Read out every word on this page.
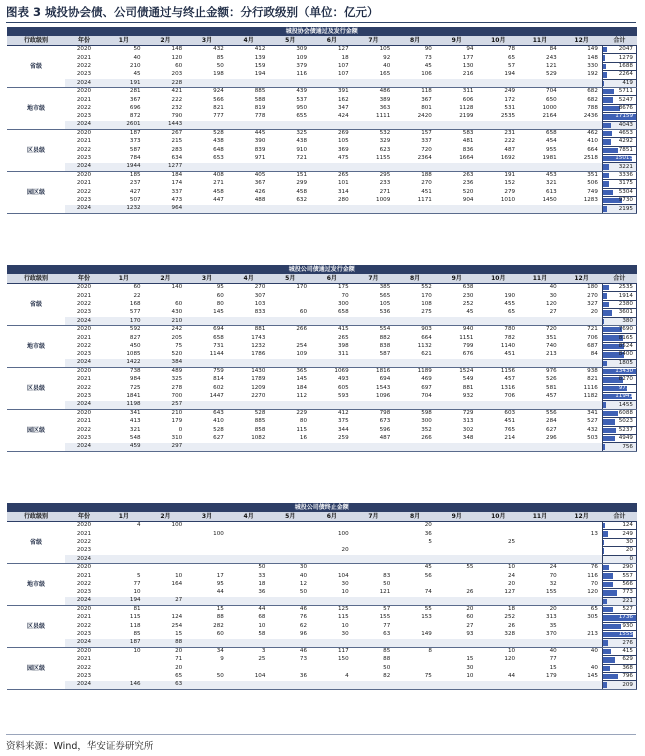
图表 3 城投协会债、公司债通过与终止金额：分行政级别（单位：亿元）
城投协会债通过及发行金额														
行政级别	年份	1月	2月	3月	4月	5月	6月	7月	8月	9月	10月	11月	12月	合计
省级	2020	50	148	432	412	309	127	105	90	94	78	84	149	2047
	2021	40	120	85	139	109	18	92	73	177	65	243	148	1279
	2022	210	60	50	159	379	107	40	45	130	57	121	330	1688
	2023	45	203	198	194	116	107	165	106	216	194	529	192	2264
	2024	191	228											419
地市级	2020	281	421	924	885	439	391	486	118	311	249	704	682	5711
	2021	367	222	566	588	537	162	389	367	606	172	650	682	5247
	2022	696	232	821	819	950	347	363	801	1128	531	1000	788	8676
	2023	872	790	777	778	655	424	1111	2420	2199	2535	2164	2436	17159
	2024	2601	1443											4043
区县级	2020	187	267	528	445	325	269	532	157	583	231	658	462	4653
	2021	373	215	438	390	438	105	329	337	481	222	454	410	4292
	2022	587	283	648	839	910	369	623	720	836	487	955	664	7851
	2023	784	634	653	971	721	475	1155	2364	1664	1692	1981	2518	15013
	2024	1944	1277											3221
园区级	2020	185	184	408	405	151	265	295	188	263	191	453	351	3336
	2021	237	174	271	367	299	101	233	270	236	152	321	506	3175
	2022	427	337	458	426	458	314	271	451	520	279	613	749	5304
	2023	507	473	447	488	632	280	1009	1171	904	1010	1450	1283	9730
	2024	1232	964											2195
城投公司债通过发行金额														
行政级别	年份	1月	2月	3月	4月	5月	6月	7月	8月	9月	10月	11月	12月	合计
省级	2020	60	140	95	270	170	175	385	552	638		40	180	2535
	2021	22		60	307		70	565	170	230	190	30	270	1914
	2022	168	60	80	103		300	105	108	252	455	120	327	2380
	2023	577	430	145	833	60	658	536	275	45	65	27	20	3601
	2024	170	210											380
地市级	2020	592	242	694	881	266	415	554	903	940	780	720	721	7690
	2021	827	205	658	1743		265	882	664	1151	782	351	706	8165
	2022	450	75	731	1232	254	398	838	1132	799	1140	740	687	8524
	2023	1085	520	1144	1786	109	311	587	621	676	451	213	84	8400
	2024	1422	384											1805
区县级	2020	738	489	759	1430	365	1069	1816	1189	1524	1156	976	938	13430
	2021	984	325	814	1789	145	493	694	469	549	457	526	821	8270
	2022	725	278	602	1209	184	605	1543	697	881	1316	581	1116	9719
	2023	1841	700	1447	2270	112	593	1096	704	932	706	457	1182	11941
	2024	1198	257											1455
园区级	2020	341	210	643	528	229	412	798	598	729	603	556	341	6088
	2021	413	179	410	885	80	375	673	300	313	451	284	527	5023
	2022	321	0	528	858	115	344	596	352	302	765	627	432	5237
	2023	548	310	627	1082	16	259	487	266	348	214	296	503	4949
	2024	459	297											756
城投公司债终止金额														
行政级别	年份	1月	2月	3月	4月	5月	6月	7月	8月	9月	10月	11月	12月	合计
省级	2020	4	100						20					124
	2021			100			100		36				13	249
	2022								5		25			30
	2023						20							20
	2024													0
地市级	2020				50	30			45	55	10	24	76	290
	2021	5	10	17	33	40	104	83	56		24	70	116	557
	2022	77	164	95	18	12	30	50			20	32	70	566
	2023	10		44	36	50	10	121	74	26	127	155	120	773
	2024	194	27											221
区县级	2020	81		15	44	46	125	57	55	20	18	20	65	527
	2021	115	124	88	68	76	115	155	153	60	252	313	305	1736
	2022	118	254	282	10	62	10	77		27	26	35		930
	2023	85	15	60	58	96	30	63	149	93	328	370	213	1555
	2024	187	88											276
园区级	2020	10	20	34	3	46	117	85	8		10	40	40	415
	2021		71	9	25	73	150	88		15	120	77		629
	2022		20					50		30		15	40	368
	2023		65	50	104	36	4	82	75	10	44	179	145	796
	2024	146	63											209
资料来源：Wind，华安证券研究所
